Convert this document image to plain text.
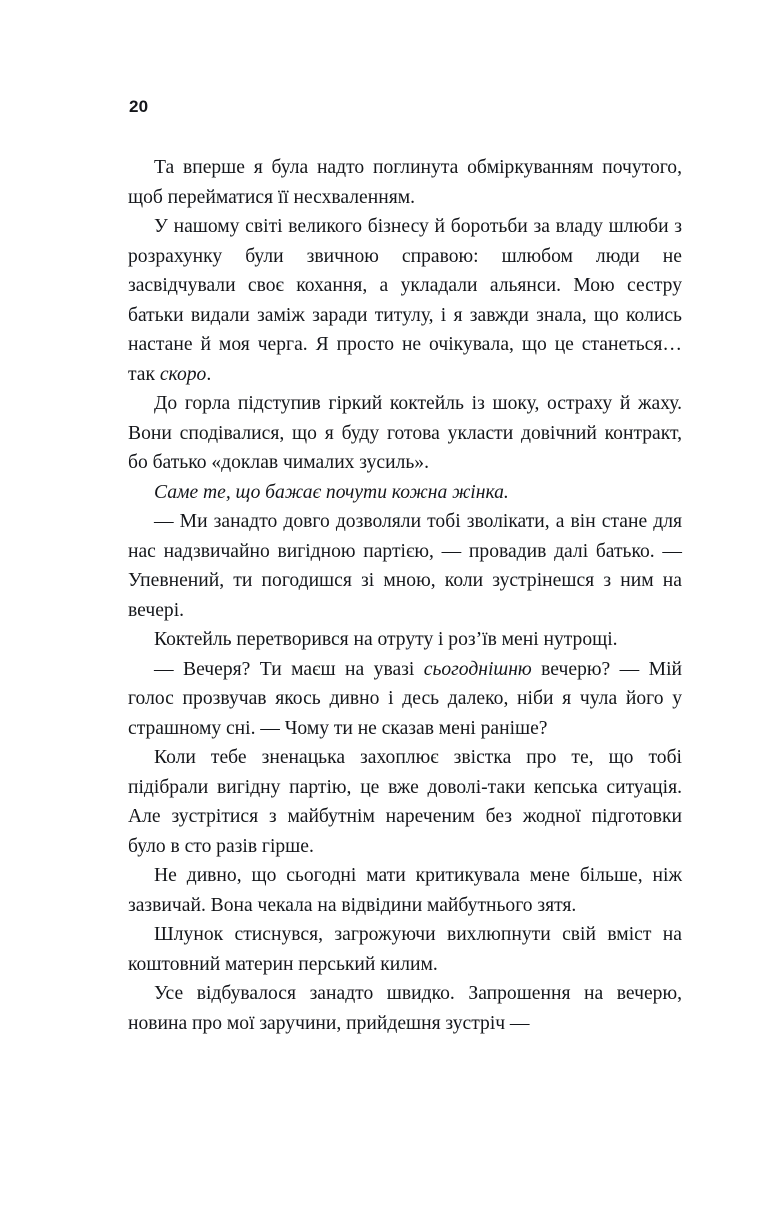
20

Та вперше я була надто поглинута обміркуванням почутого, щоб перейматися її несхваленням.

У нашому світі великого бізнесу й боротьби за владу шлюби з розрахунку були звичною справою: шлюбом люди не засвідчували своє кохання, а укладали альянси. Мою сестру батьки видали заміж заради титулу, і я завжди знала, що колись настане й моя черга. Я просто не очікувала, що це станеться… так скоро.

До горла підступив гіркий коктейль із шоку, остраху й жаху. Вони сподівалися, що я буду готова укласти довічний контракт, бо батько «доклав чималих зусиль».

Саме те, що бажає почути кожна жінка.

— Ми занадто довго дозволяли тобі зволікати, а він стане для нас надзвичайно вигідною партією, — провадив далі батько. — Упевнений, ти погодишся зі мною, коли зустрінешся з ним на вечері.

Коктейль перетворився на отруту і роз’їв мені нутрощі.

— Вечеря? Ти маєш на увазі сьогоднішню вечерю? — Мій голос прозвучав якось дивно і десь далеко, ніби я чула його у страшному сні. — Чому ти не сказав мені раніше?

Коли тебе зненацька захоплює звістка про те, що тобі підібрали вигідну партію, це вже доволі-таки кепська ситуація. Але зустрітися з майбутнім нареченим без жодної підготовки було в сто разів гірше.

Не дивно, що сьогодні мати критикувала мене більше, ніж зазвичай. Вона чекала на відвідини майбутнього зятя.

Шлунок стиснувся, загрожуючи вихлюпнути свій вміст на коштовний материн перський килим.

Усе відбувалося занадто швидко. Запрошення на вечерю, новина про мої заручини, прийдешня зустріч —
